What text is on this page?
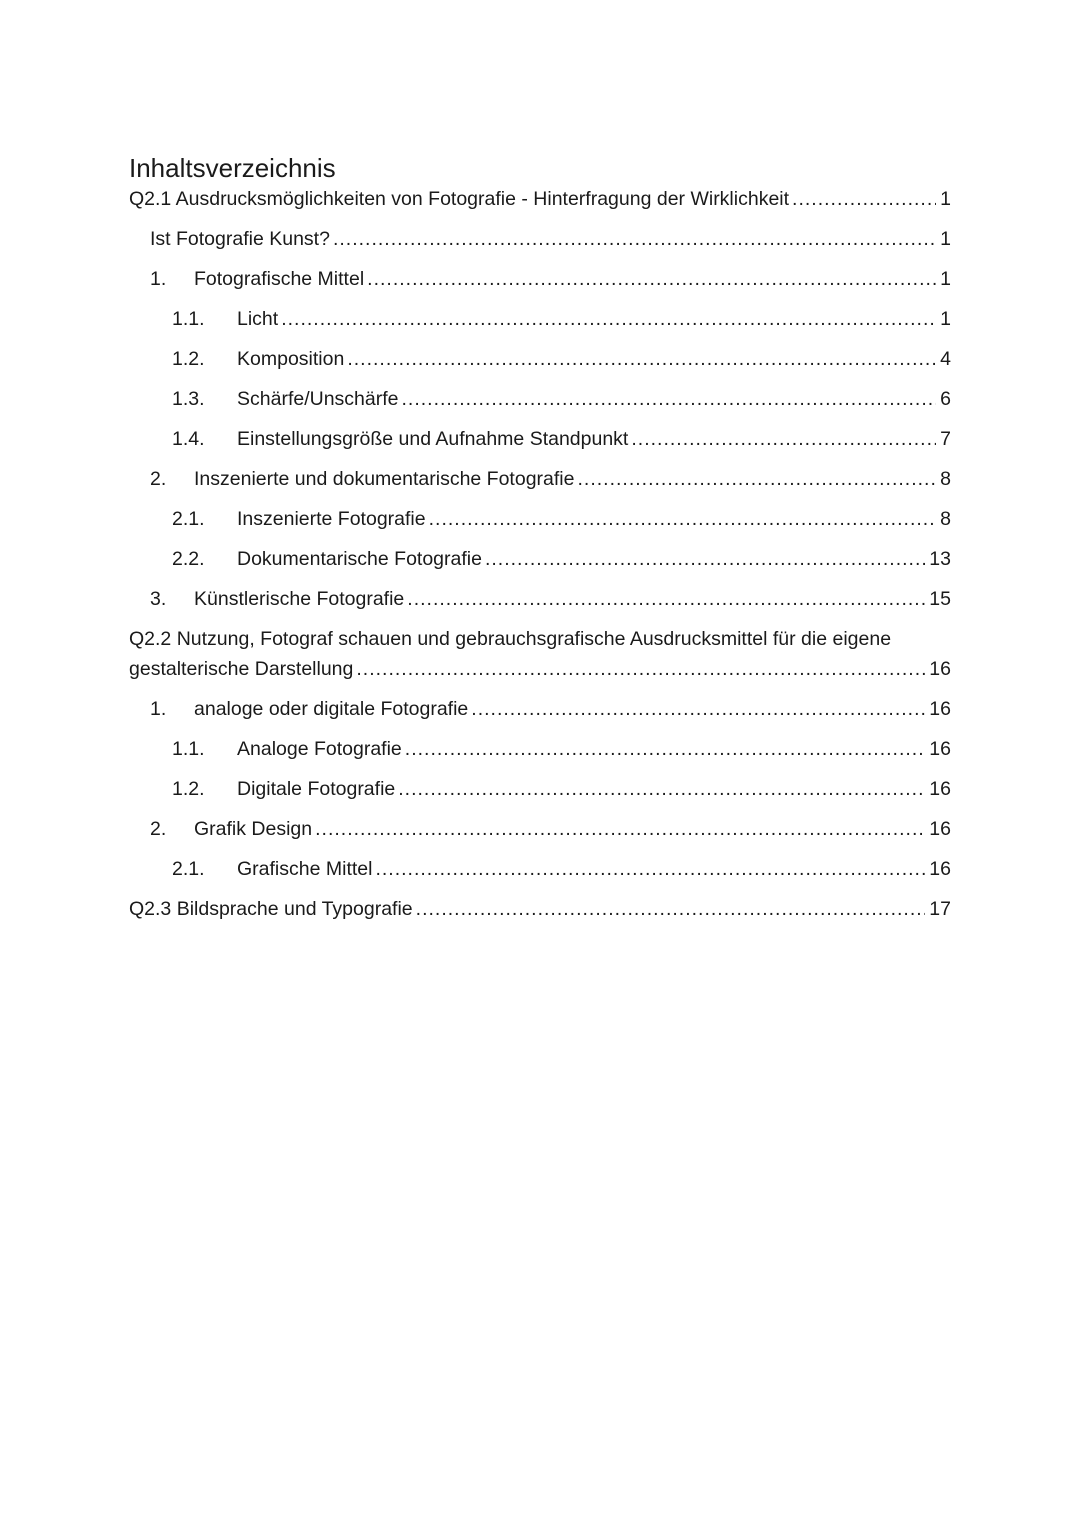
Inhaltsverzeichnis
Q2.1 Ausdrucksmöglichkeiten von Fotografie - Hinterfragung der Wirklichkeit .....	1
Ist Fotografie Kunst? .....	1
1.	Fotografische Mittel .....	1
1.1.	Licht .....	1
1.2.	Komposition .....	4
1.3.	Schärfe/Unschärfe .....	6
1.4.	Einstellungsgröße und Aufnahme Standpunkt .....	7
2.	Inszenierte und dokumentarische Fotografie .....	8
2.1.	Inszenierte Fotografie .....	8
2.2.	Dokumentarische Fotografie .....	13
3.	Künstlerische Fotografie .....	15
Q2.2 Nutzung, Fotograf schauen und gebrauchsgrafische Ausdrucksmittel für die eigene
gestalterische Darstellung .....	16
1.	analoge oder digitale Fotografie .....	16
1.1.	Analoge Fotografie .....	16
1.2.	Digitale Fotografie .....	16
2.	Grafik Design .....	16
2.1.	Grafische Mittel .....	16
Q2.3 Bildsprache und Typografie .....	17
